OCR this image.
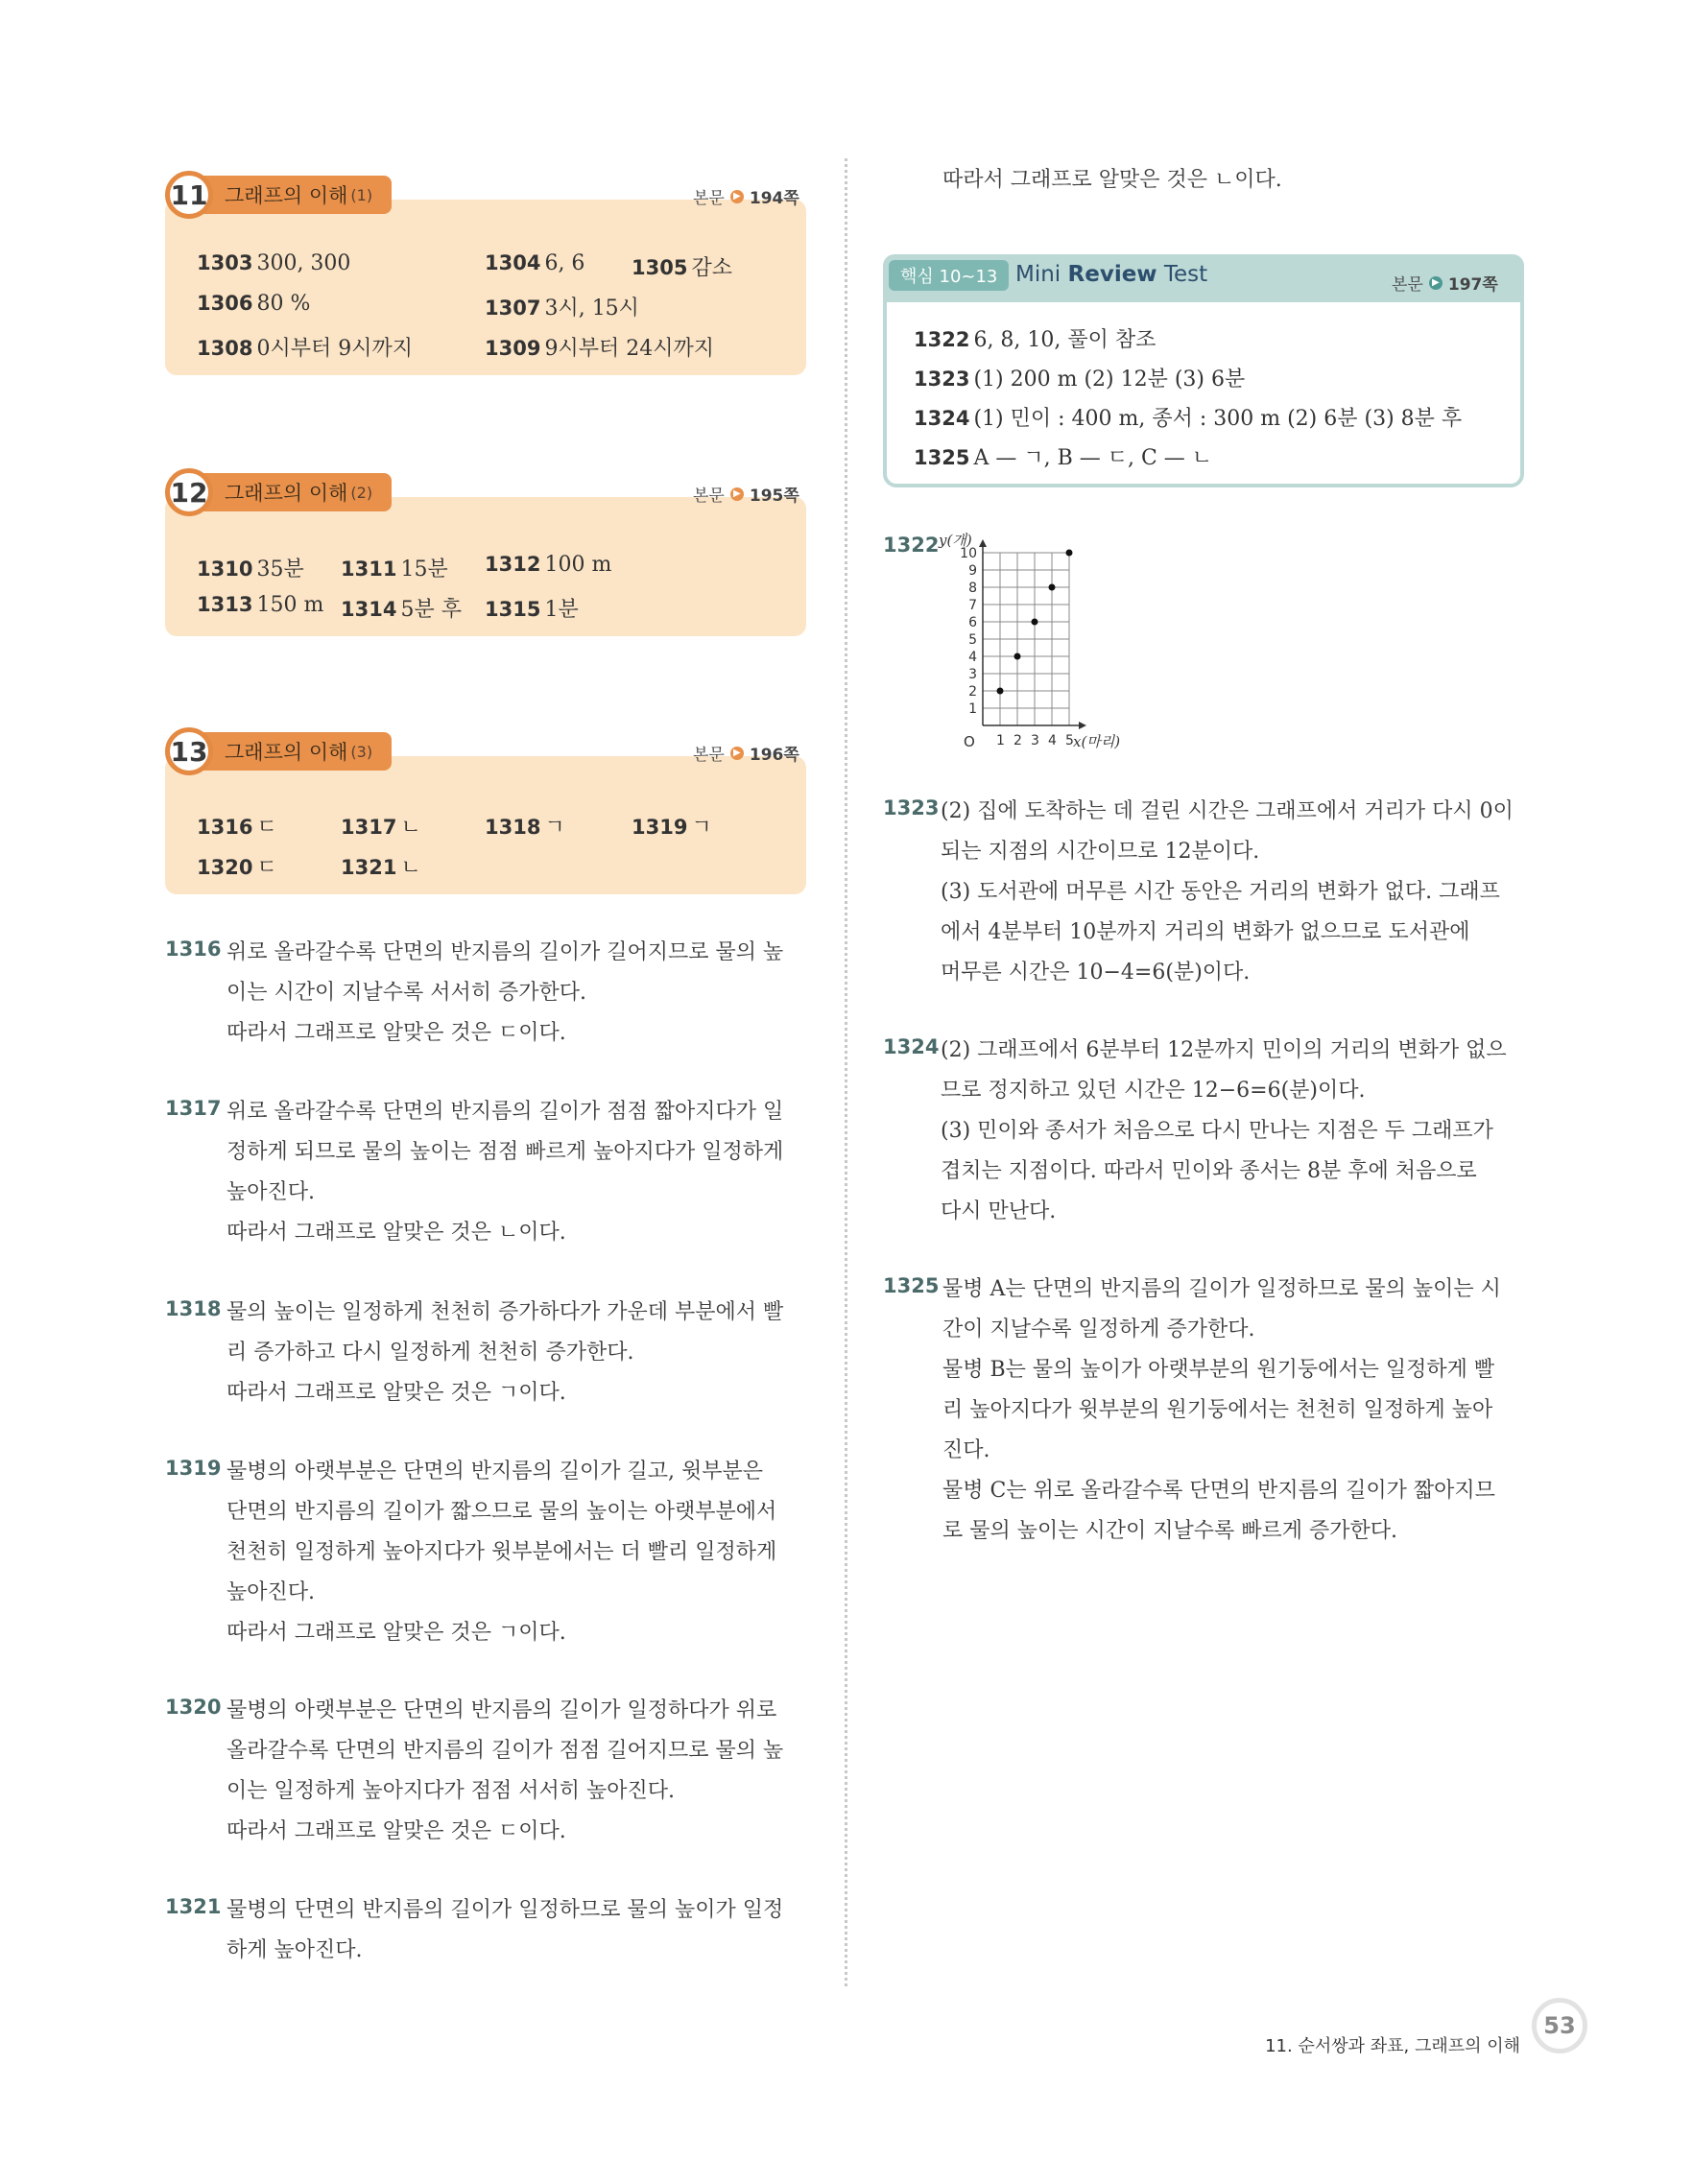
11 그래프의 이해 (1)	본문 ▶ 194쪽
1303 300, 300	1304 6, 6 1305 감소
1306 80 %	1307 3시, 15시
1308 0시부터 9시까지	1309 9시부터 24시까지
12 그래프의 이해 (2)	본문 ▶ 195쪽
1310 35분 1311 15분 1312 100 m
1313 150 m 1314 5분 후 1315 1분
13 그래프의 이해 (3)	본문 ▶ 196쪽
1316 ㄷ	1317 ㄴ	1318 ㄱ	1319 ㄱ
1320 ㄷ	1321 ㄴ
1316 위로 올라갈수록 단면의 반지름의 길이가 길어지므로 물의 높
이는 시간이 지날수록 서서히 증가한다.
따라서 그래프로 알맞은 것은 ㄷ이다.
1317 위로 올라갈수록 단면의 반지름의 길이가 점점 짧아지다가 일
정하게 되므로 물의 높이는 점점 빠르게 높아지다가 일정하게
높아진다.
따라서 그래프로 알맞은 것은 ㄴ이다.
1318 물의 높이는 일정하게 천천히 증가하다가 가운데 부분에서 빨
리 증가하고 다시 일정하게 천천히 증가한다.
따라서 그래프로 알맞은 것은 ㄱ이다.
1319 물병의 아랫부분은 단면의 반지름의 길이가 길고, 윗부분은
단면의 반지름의 길이가 짧으므로 물의 높이는 아랫부분에서
천천히 일정하게 높아지다가 윗부분에서는 더 빨리 일정하게
높아진다.
따라서 그래프로 알맞은 것은 ㄱ이다.
1320 물병의 아랫부분은 단면의 반지름의 길이가 일정하다가 위로
올라갈수록 단면의 반지름의 길이가 점점 길어지므로 물의 높
이는 일정하게 높아지다가 점점 서서히 높아진다.
따라서 그래프로 알맞은 것은 ㄷ이다.
1321 물병의 단면의 반지름의 길이가 일정하므로 물의 높이가 일정
하게 높아진다.
따라서 그래프로 알맞은 것은 ㄴ이다.
핵심 10~13 Mini Review Test	본문 ▶ 197쪽
1322 6, 8, 10, 풀이 참조
1323 (1) 200 m (2) 12분 (3) 6분
1324 (1) 민이 : 400 m, 종서 : 300 m (2) 6분 (3) 8분 후
1325 A — ㄱ, B — ㄷ, C — ㄴ
1322
1 2 3 4 5
1
2
3
4
5
6
7
8
9
10
y(개)
x(마리)
O
1323 (2) 집에 도착하는 데 걸린 시간은 그래프에서 거리가 다시 0이
되는 지점의 시간이므로 12분이다.
(3) 도서관에 머무른 시간 동안은 거리의 변화가 없다. 그래프
에서 4분부터 10분까지 거리의 변화가 없으므로 도서관에
머무른 시간은 10−4=6(분)이다.
1324 (2) 그래프에서 6분부터 12분까지 민이의 거리의 변화가 없으
므로 정지하고 있던 시간은 12−6=6(분)이다.
(3) 민이와 종서가 처음으로 다시 만나는 지점은 두 그래프가
겹치는 지점이다. 따라서 민이와 종서는 8분 후에 처음으로
다시 만난다.
1325 물병 A는 단면의 반지름의 길이가 일정하므로 물의 높이는 시
간이 지날수록 일정하게 증가한다.
물병 B는 물의 높이가 아랫부분의 원기둥에서는 일정하게 빨
리 높아지다가 윗부분의 원기둥에서는 천천히 일정하게 높아
진다.
물병 C는 위로 올라갈수록 단면의 반지름의 길이가 짧아지므
로 물의 높이는 시간이 지날수록 빠르게 증가한다.
11. 순서쌍과 좌표, 그래프의 이해
53
